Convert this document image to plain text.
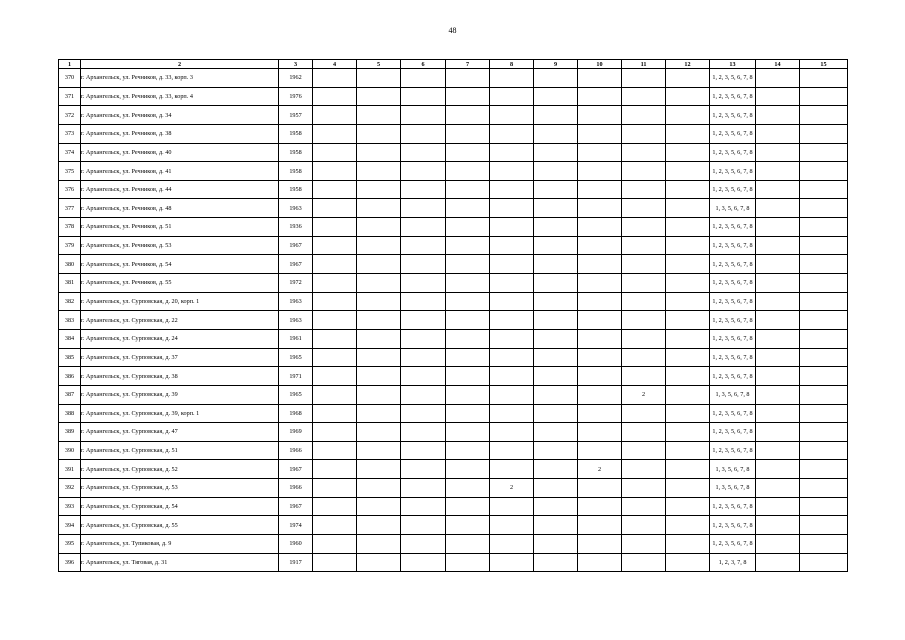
48
1	2	3	4	5	6	7	8	9	10	11	12	13	14	15
370	г. Архангельск, ул. Речников, д. 33, корп. 3	1962										1, 2, 3, 5, 6, 7, 8		
371	г. Архангельск, ул. Речников, д. 33, корп. 4	1976										1, 2, 3, 5, 6, 7, 8		
372	г. Архангельск, ул. Речников, д. 34	1957										1, 2, 3, 5, 6, 7, 8		
373	г. Архангельск, ул. Речников, д. 38	1958										1, 2, 3, 5, 6, 7, 8		
374	г. Архангельск, ул. Речников, д. 40	1958										1, 2, 3, 5, 6, 7, 8		
375	г. Архангельск, ул. Речников, д. 41	1958										1, 2, 3, 5, 6, 7, 8		
376	г. Архангельск, ул. Речников, д. 44	1958										1, 2, 3, 5, 6, 7, 8		
377	г. Архангельск, ул. Речников, д. 48	1963										1, 3, 5, 6, 7, 8		
378	г. Архангельск, ул. Речников, д. 51	1936										1, 2, 3, 5, 6, 7, 8		
379	г. Архангельск, ул. Речников, д. 53	1967										1, 2, 3, 5, 6, 7, 8		
380	г. Архангельск, ул. Речников, д. 54	1967										1, 2, 3, 5, 6, 7, 8		
381	г. Архангельск, ул. Речников, д. 55	1972										1, 2, 3, 5, 6, 7, 8		
382	г. Архангельск, ул. Сурповская, д. 20, корп. 1	1963										1, 2, 3, 5, 6, 7, 8		
383	г. Архангельск, ул. Сурповская, д. 22	1963										1, 2, 3, 5, 6, 7, 8		
384	г. Архангельск, ул. Сурповская, д. 24	1961										1, 2, 3, 5, 6, 7, 8		
385	г. Архангельск, ул. Сурповская, д. 37	1965										1, 2, 3, 5, 6, 7, 8		
386	г. Архангельск, ул. Сурповская, д. 38	1971										1, 2, 3, 5, 6, 7, 8		
387	г. Архангельск, ул. Сурповская, д. 39	1965								2		1, 3, 5, 6, 7, 8		
388	г. Архангельск, ул. Сурповская, д. 39, корп. 1	1968										1, 2, 3, 5, 6, 7, 8		
389	г. Архангельск, ул. Сурповская, д. 47	1969										1, 2, 3, 5, 6, 7, 8		
390	г. Архангельск, ул. Сурповская, д. 51	1966										1, 2, 3, 5, 6, 7, 8		
391	г. Архангельск, ул. Сурповская, д. 52	1967							2			1, 3, 5, 6, 7, 8		
392	г. Архангельск, ул. Сурповская, д. 53	1966					2					1, 3, 5, 6, 7, 8		
393	г. Архангельск, ул. Сурповская, д. 54	1967										1, 2, 3, 5, 6, 7, 8		
394	г. Архангельск, ул. Сурповская, д. 55	1974										1, 2, 3, 5, 6, 7, 8		
395	г. Архангельск, ул. Тупиковая, д. 9	1960										1, 2, 3, 5, 6, 7, 8		
396	г. Архангельск, ул. Тяговая, д. 31	1917										1, 2, 3, 7, 8		
